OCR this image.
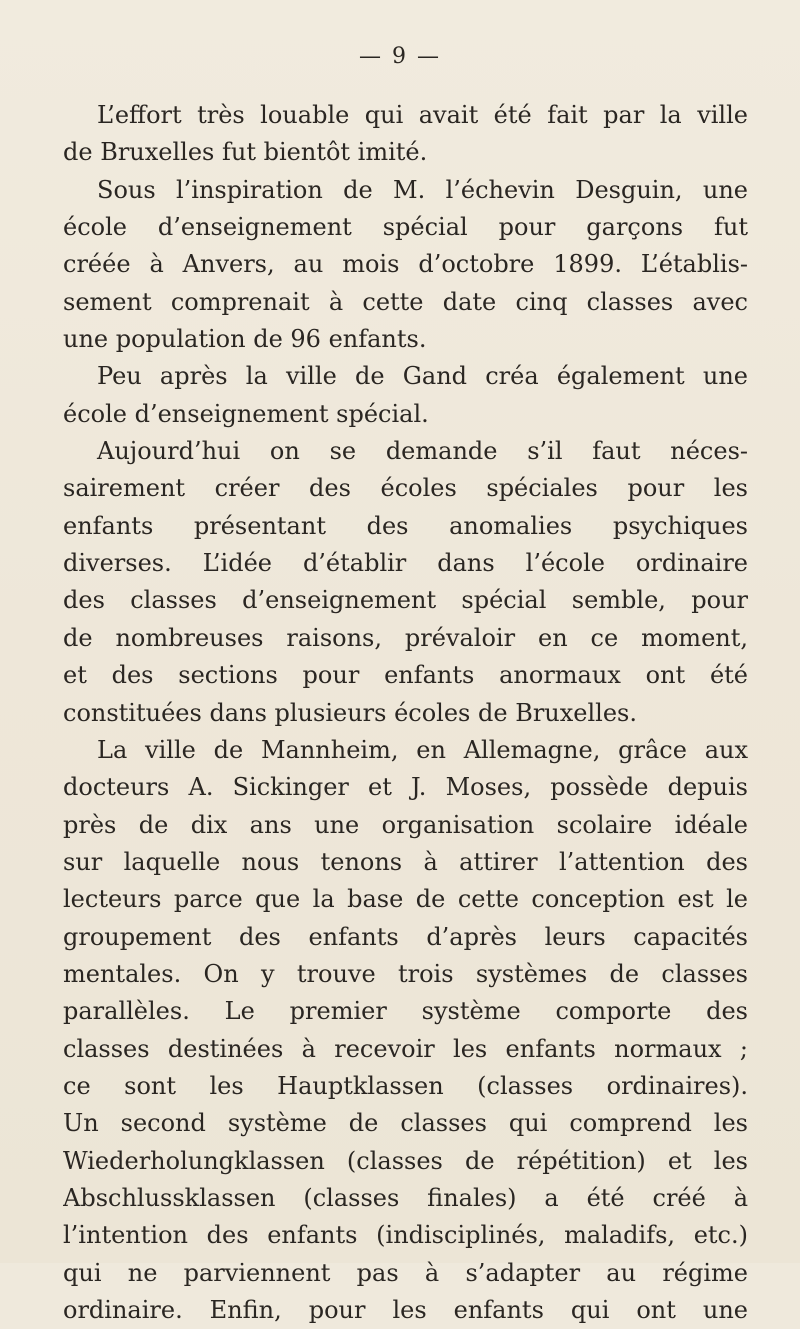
— 9 —
L’effort très louable qui avait été fait par la ville
de Bruxelles fut bientôt imité.
Sous l’inspiration de M. l’échevin Desguin, une
école d’enseignement spécial pour garçons fut
créée à Anvers, au mois d’octobre 1899. L’établis-
sement comprenait à cette date cinq classes avec
une population de 96 enfants.
Peu après la ville de Gand créa également une
école d’enseignement spécial.
Aujourd’hui on se demande s’il faut néces-
sairement créer des écoles spéciales pour les
enfants présentant des anomalies psychiques
diverses. L’idée d’établir dans l’école ordinaire
des classes d’enseignement spécial semble, pour
de nombreuses raisons, prévaloir en ce moment,
et des sections pour enfants anormaux ont été
constituées dans plusieurs écoles de Bruxelles.
La ville de Mannheim, en Allemagne, grâce aux
docteurs A. Sickinger et J. Moses, possède depuis
près de dix ans une organisation scolaire idéale
sur laquelle nous tenons à attirer l’attention des
lecteurs parce que la base de cette conception est le
groupement des enfants d’après leurs capacités
mentales. On y trouve trois systèmes de classes
parallèles. Le premier système comporte des
classes destinées à recevoir les enfants normaux ;
ce sont les Hauptklassen (classes ordinaires).
Un second système de classes qui comprend les
Wiederholungklassen (classes de répétition) et les
Abschlussklassen (classes finales) a été créé à
l’intention des enfants (indisciplinés, maladifs, etc.)
qui ne parviennent pas à s’adapter au régime
ordinaire. Enfin, pour les enfants qui ont une
